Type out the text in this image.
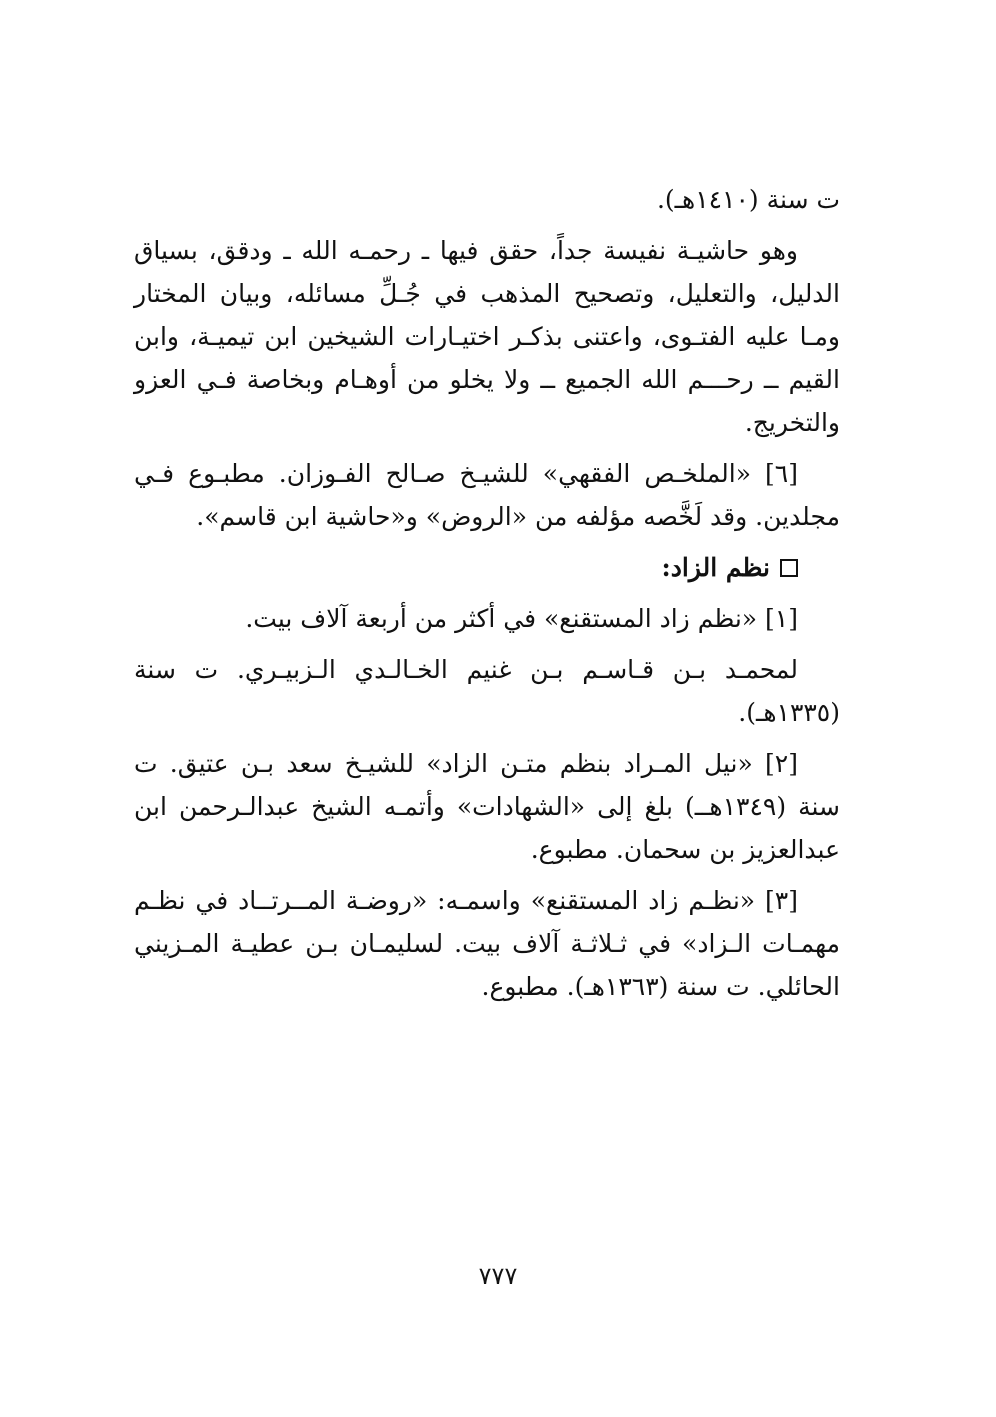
ت سنة (١٤١٠هـ).

وهو حاشيـة نفيسة جداً، حقق فيها ـ رحمـه الله ـ ودقق، بسياق الدليل، والتعليل، وتصحيح المذهب في جُـلِّ مسائله، وبيان المختار ومـا عليه الفتـوى، واعتنى بذكـر اختيـارات الشيخين ابن تيميـة، وابن القيم ــ رحـــم الله الجميع ــ ولا يخلو من أوهـام وبخاصة فـي العزو والتخريج.

[٦] «الملخـص الفقهي» للشيـخ صـالح الفـوزان. مطبـوع فـي مجلدين. وقد لَخَّصه مؤلفه من «الروض» و«حاشية ابن قاسم».

نظم الزاد:

[١] «نظم زاد المستقنع» في أكثر من أربعة آلاف بيت.

لمحمـد بـن قـاسـم بـن غنيم الخـالـدي الـزبيـري. ت سنة (١٣٣٥هـ).

[٢] «نيل المـراد بنظم متـن الزاد» للشيـخ سعد بـن عتيق. ت سنة (١٣٤٩هــ) بلغ إلى «الشهادات» وأتمـه الشيخ عبدالـرحمن ابن عبدالعزيز بن سحمان. مطبوع.

[٣] «نظـم زاد المستقنع» واسمـه: «روضـة المــرتــاد في نظـم مهمـات الـزاد» في ثـلاثـة آلاف بيت. لسليمـان بـن عطيـة المـزيني الحائلي. ت سنة (١٣٦٣هـ). مطبوع.

٧٧٧
